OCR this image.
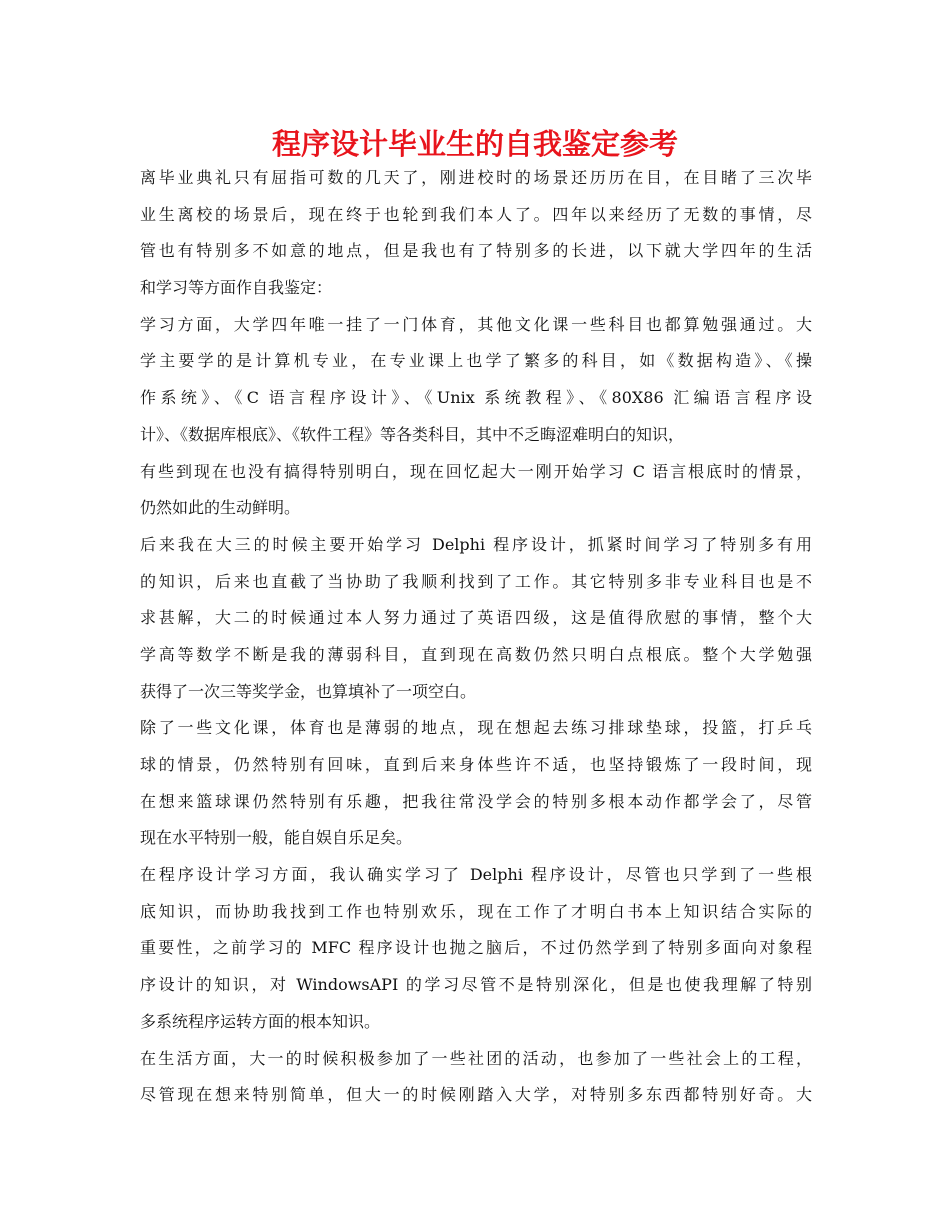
程序设计毕业生的自我鉴定参考
离毕业典礼只有屈指可数的几天了，刚进校时的场景还历历在目，在目睹了三次毕
业生离校的场景后，现在终于也轮到我们本人了。四年以来经历了无数的事情，尽
管也有特别多不如意的地点，但是我也有了特别多的长进，以下就大学四年的生活
和学习等方面作自我鉴定：
学习方面，大学四年唯一挂了一门体育，其他文化课一些科目也都算勉强通过。大
学主要学的是计算机专业，在专业课上也学了繁多的科目，如《数据构造》、《操
作系统》、《C 语言程序设计》、《Unix 系统教程》、《80X86 汇编语言程序设
计》、《数据库根底》、《软件工程》等各类科目，其中不乏晦涩难明白的知识，
有些到现在也没有搞得特别明白，现在回忆起大一刚开始学习 C 语言根底时的情景，
仍然如此的生动鲜明。
后来我在大三的时候主要开始学习 Delphi 程序设计，抓紧时间学习了特别多有用
的知识，后来也直截了当协助了我顺利找到了工作。其它特别多非专业科目也是不
求甚解，大二的时候通过本人努力通过了英语四级，这是值得欣慰的事情，整个大
学高等数学不断是我的薄弱科目，直到现在高数仍然只明白点根底。整个大学勉强
获得了一次三等奖学金，也算填补了一项空白。
除了一些文化课，体育也是薄弱的地点，现在想起去练习排球垫球，投篮，打乒乓
球的情景，仍然特别有回味，直到后来身体些许不适，也坚持锻炼了一段时间，现
在想来篮球课仍然特别有乐趣，把我往常没学会的特别多根本动作都学会了，尽管
现在水平特别一般，能自娱自乐足矣。
在程序设计学习方面，我认确实学习了 Delphi 程序设计，尽管也只学到了一些根
底知识，而协助我找到工作也特别欢乐，现在工作了才明白书本上知识结合实际的
重要性，之前学习的 MFC 程序设计也抛之脑后，不过仍然学到了特别多面向对象程
序设计的知识，对 WindowsAPI 的学习尽管不是特别深化，但是也使我理解了特别
多系统程序运转方面的根本知识。
在生活方面，大一的时候积极参加了一些社团的活动，也参加了一些社会上的工程，
尽管现在想来特别简单，但大一的时候刚踏入大学，对特别多东西都特别好奇。大
